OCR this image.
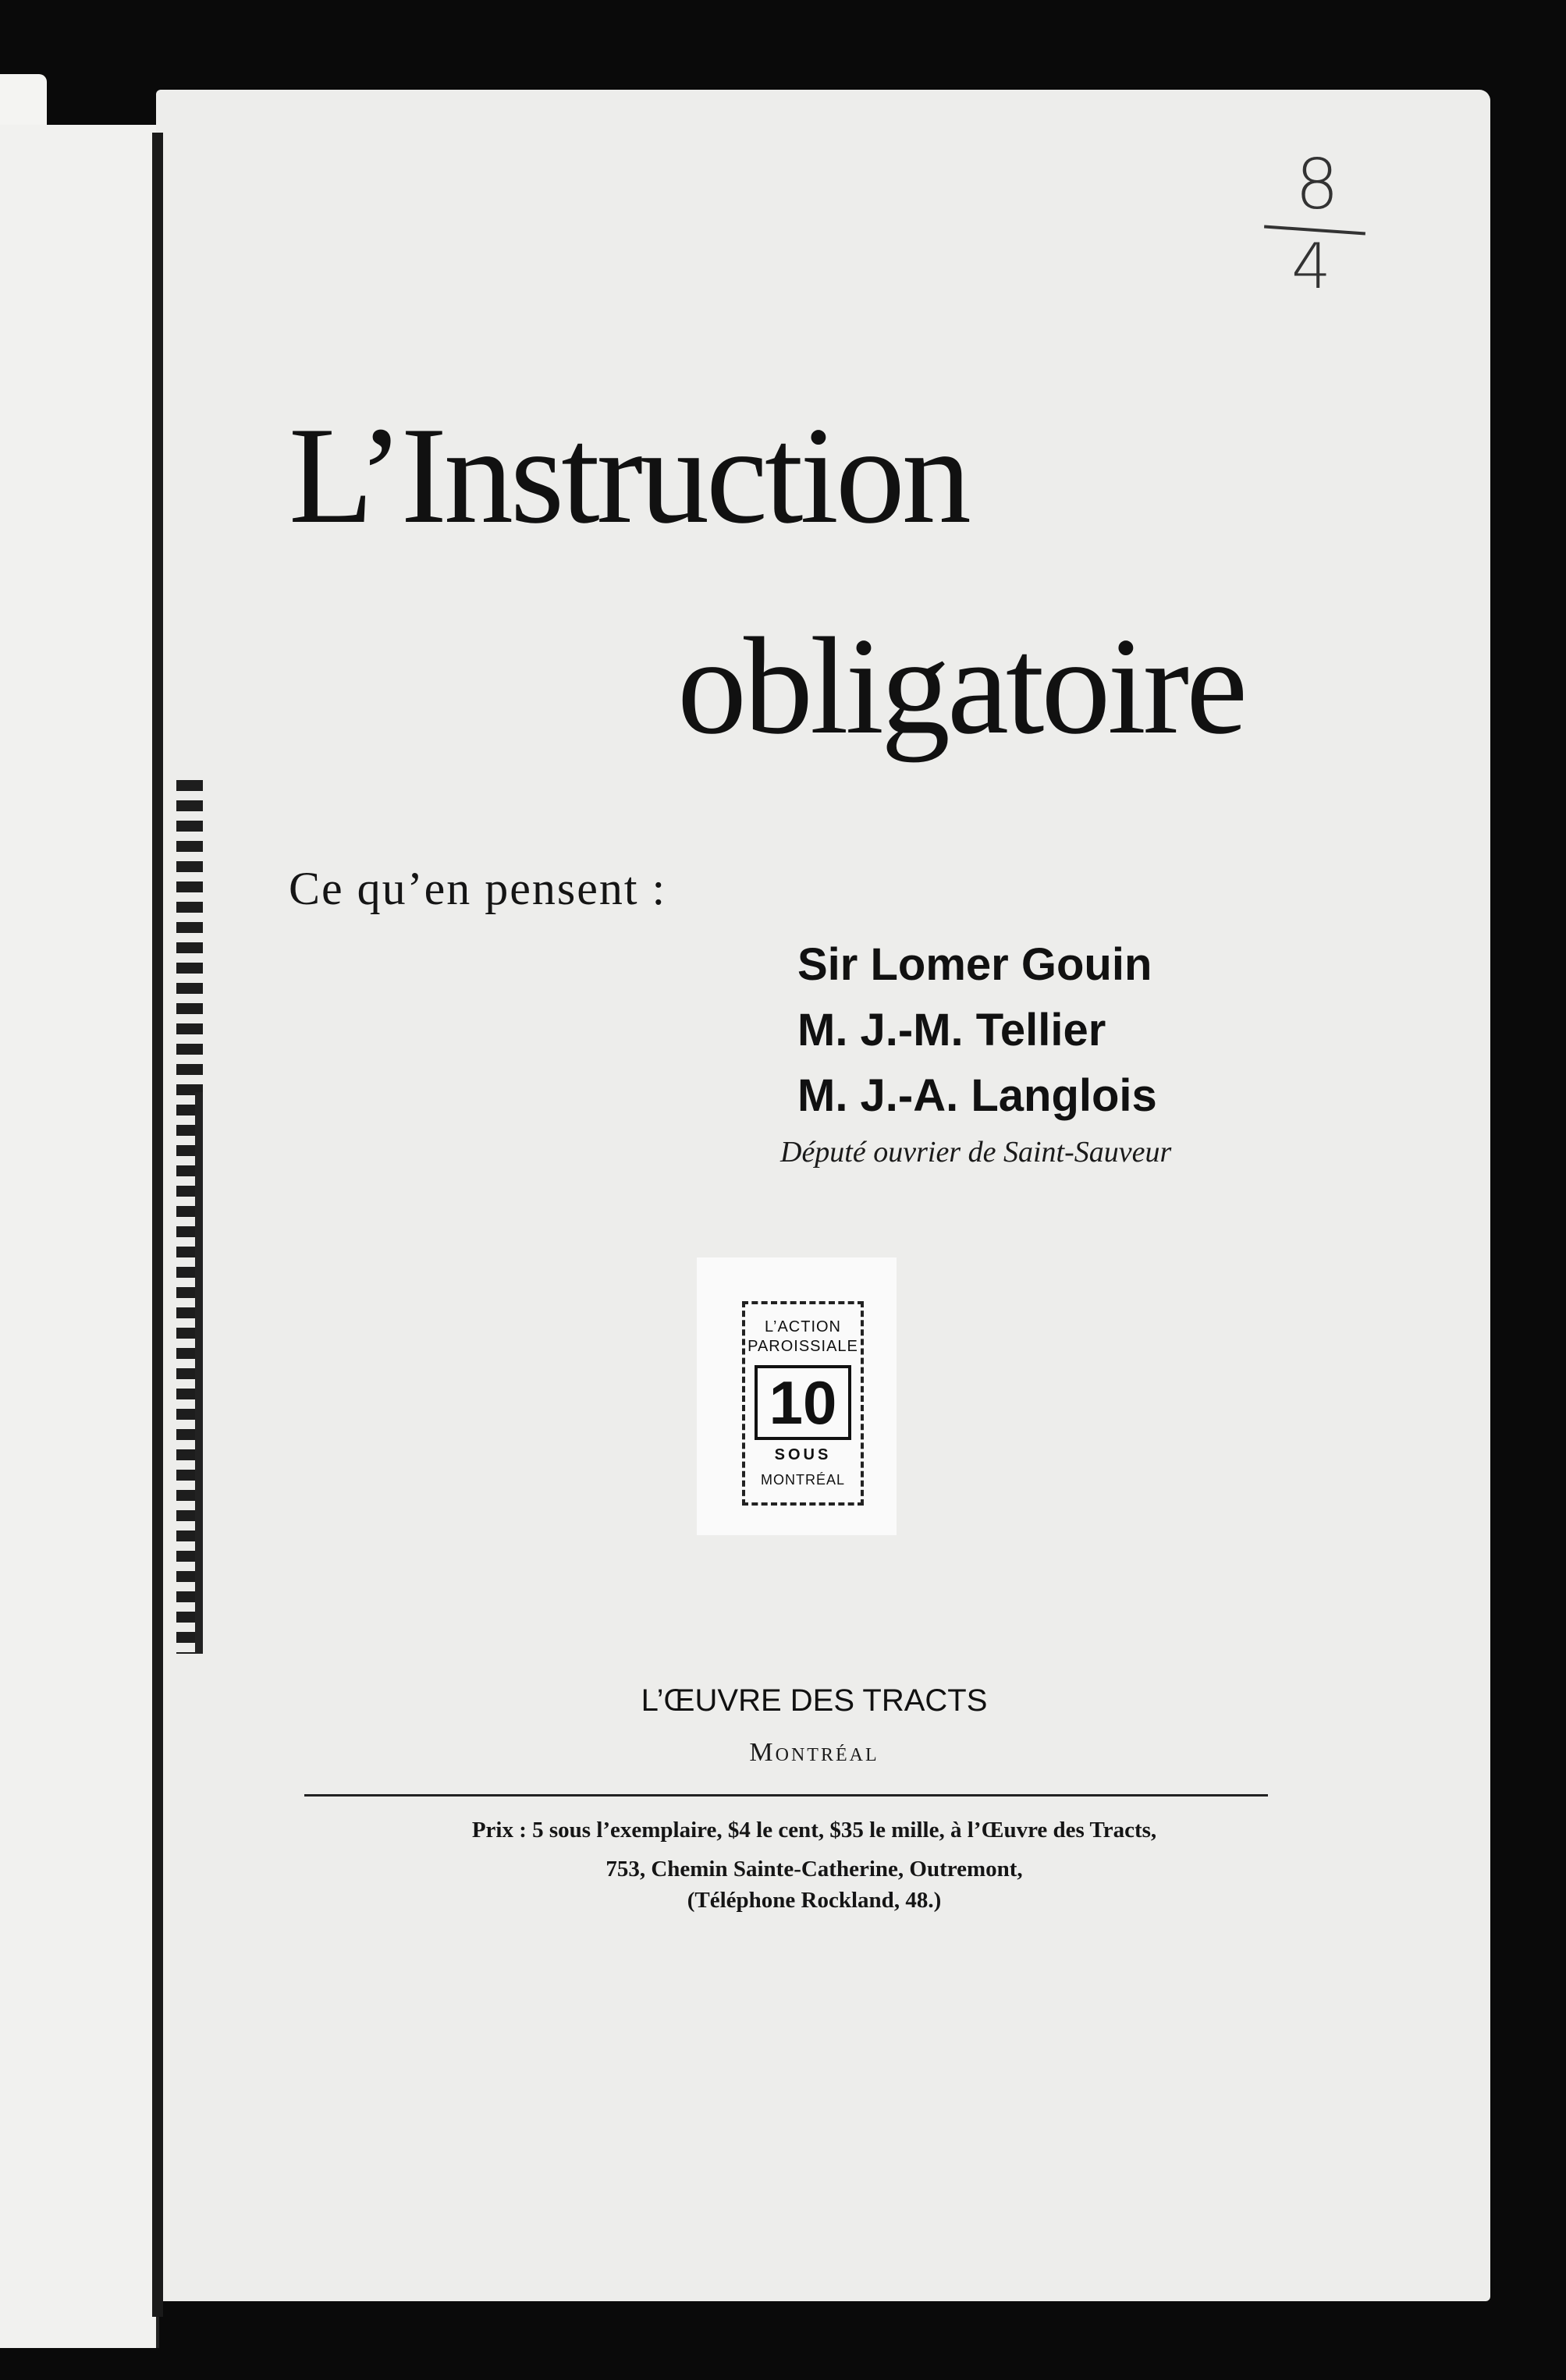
8
4
L’Instruction
obligatoire
Ce qu’en pensent :
Sir Lomer Gouin
M. J.-M. Tellier
M. J.-A. Langlois
Député ouvrier de Saint-Sauveur
L’ACTION
PAROISSIALE
10
SOUS
MONTRÉAL
L’ŒUVRE DES TRACTS
Montréal
Prix : 5 sous l’exemplaire, $4 le cent, $35 le mille, à l’Œuvre des Tracts,
753, Chemin Sainte-Catherine, Outremont,
(Téléphone Rockland, 48.)
